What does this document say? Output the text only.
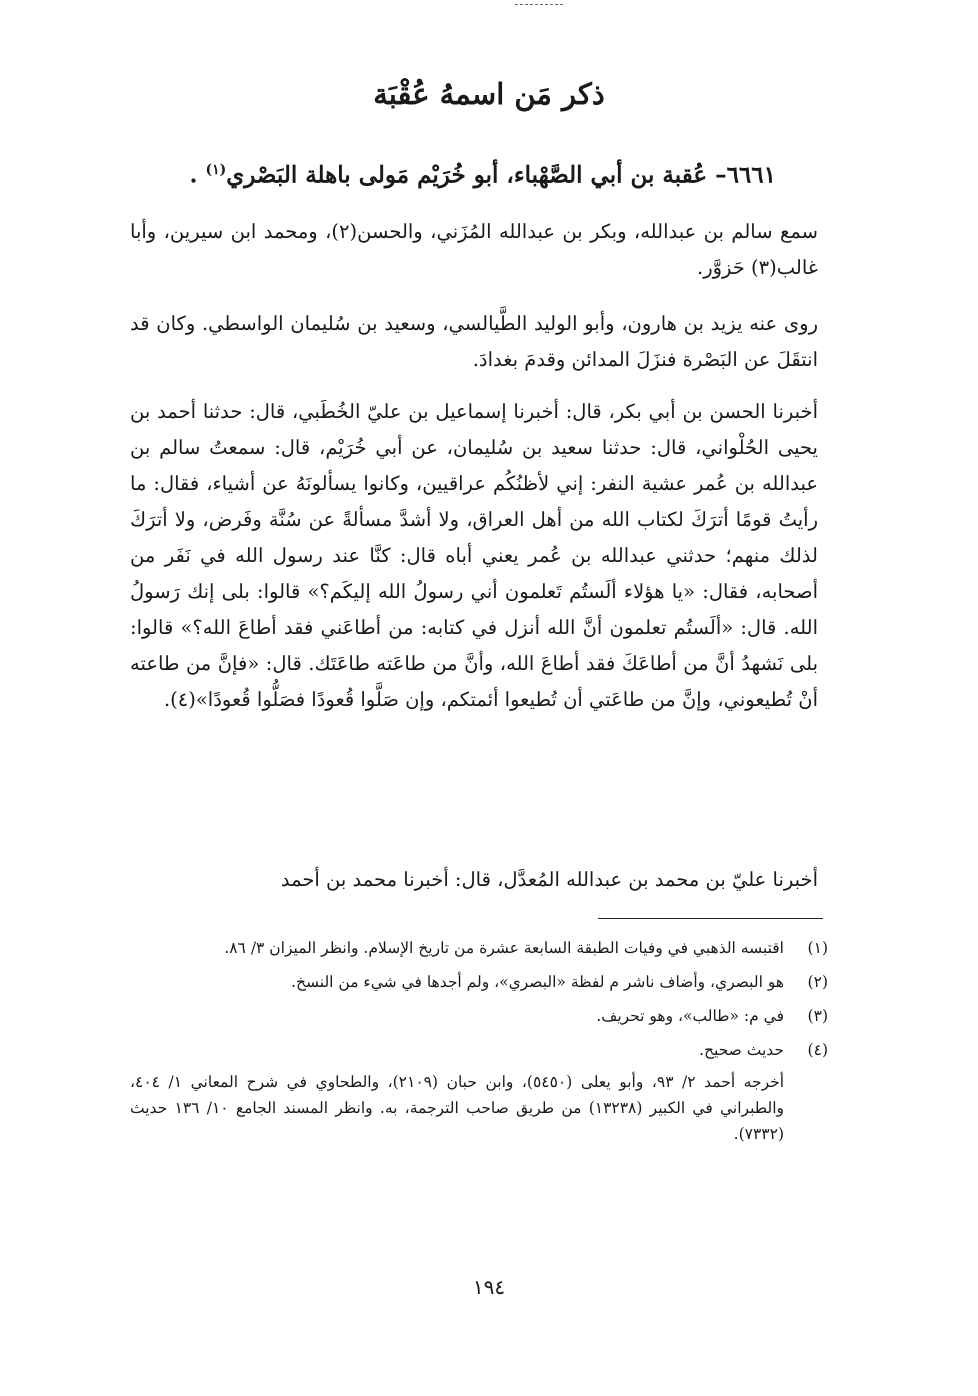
ذكر مَن اسمهُ عُقْبَة
٦٦٦١– عُقبة بن أبي الصَّهْباء، أبو خُرَيْم مَولى باهلة البَصْري$^{(١)}$ .
سمع سالم بن عبدالله، وبكر بن عبدالله المُزَني، والحسن(٢)، ومحمد ابن سيرين، وأبا غالب(٣) حَزوَّر.
روى عنه يزيد بن هارون، وأبو الوليد الطَّيالسي، وسعيد بن سُليمان الواسطي. وكان قد انتقَلَ عن البَصْرة فنزَلَ المدائن وقدمَ بغدادَ.
أخبرنا الحسن بن أبي بكر، قال: أخبرنا إسماعيل بن عليّ الخُطَبي، قال: حدثنا أحمد بن يحيى الحُلْواني، قال: حدثنا سعيد بن سُليمان، عن أبي خُرَيْم، قال: سمعتُ سالم بن عبدالله بن عُمر عشية النفر: إني لأظنُكُم عراقيين، وكانوا يسألونَهُ عن أشياء، فقال: ما رأيتُ قومًا أترَكَ لكتاب الله من أهل العراق، ولا أشدَّ مسألةً عن سُنَّة وفَرض، ولا أترَكَ لذلك منهم؛ حدثني عبدالله بن عُمر يعني أباه قال: كنَّا عند رسول الله في نَفَر من أصحابه، فقال: «يا هؤلاء ألَستُم تَعلمون أني رسولُ الله إليكَم؟» قالوا: بلى إنك رَسولُ الله. قال: «ألَستُم تعلمون أنَّ الله أنزل في كتابه: من أطاعَني فقد أطاعَ الله؟» قالوا: بلى نَشهدُ أنَّ من أطاعَكَ فقد أطاعَ الله، وأنَّ من طاعَته طاعَتَك. قال: «فإنَّ من طاعته أنْ تُطيعوني، وإنَّ من طاعَتي أن تُطيعوا أئمتكم، وإن صَلَّوا قُعودًا فصَلُّوا قُعودًا»(٤).
أخبرنا عليّ بن محمد بن عبدالله المُعدَّل، قال: أخبرنا محمد بن أحمد
(١)
اقتبسه الذهبي في وفيات الطبقة السابعة عشرة من تاريخ الإسلام. وانظر الميزان ٣/ ٨٦.
(٢)
هو البصري، وأضاف ناشر م لفظة «البصري»، ولم أجدها في شيء من النسخ.
(٣)
في م: «طالب»، وهو تحريف.
(٤)
حديث صحيح.
أخرجه أحمد ٢/ ٩٣، وأبو يعلى (٥٤٥٠)، وابن حبان (٢١٠٩)، والطحاوي في شرح المعاني ١/ ٤٠٤، والطبراني في الكبير (١٣٢٣٨) من طريق صاحب الترجمة، به. وانظر المسند الجامع ١٠/ ١٣٦ حديث (٧٣٣٢).
١٩٤
